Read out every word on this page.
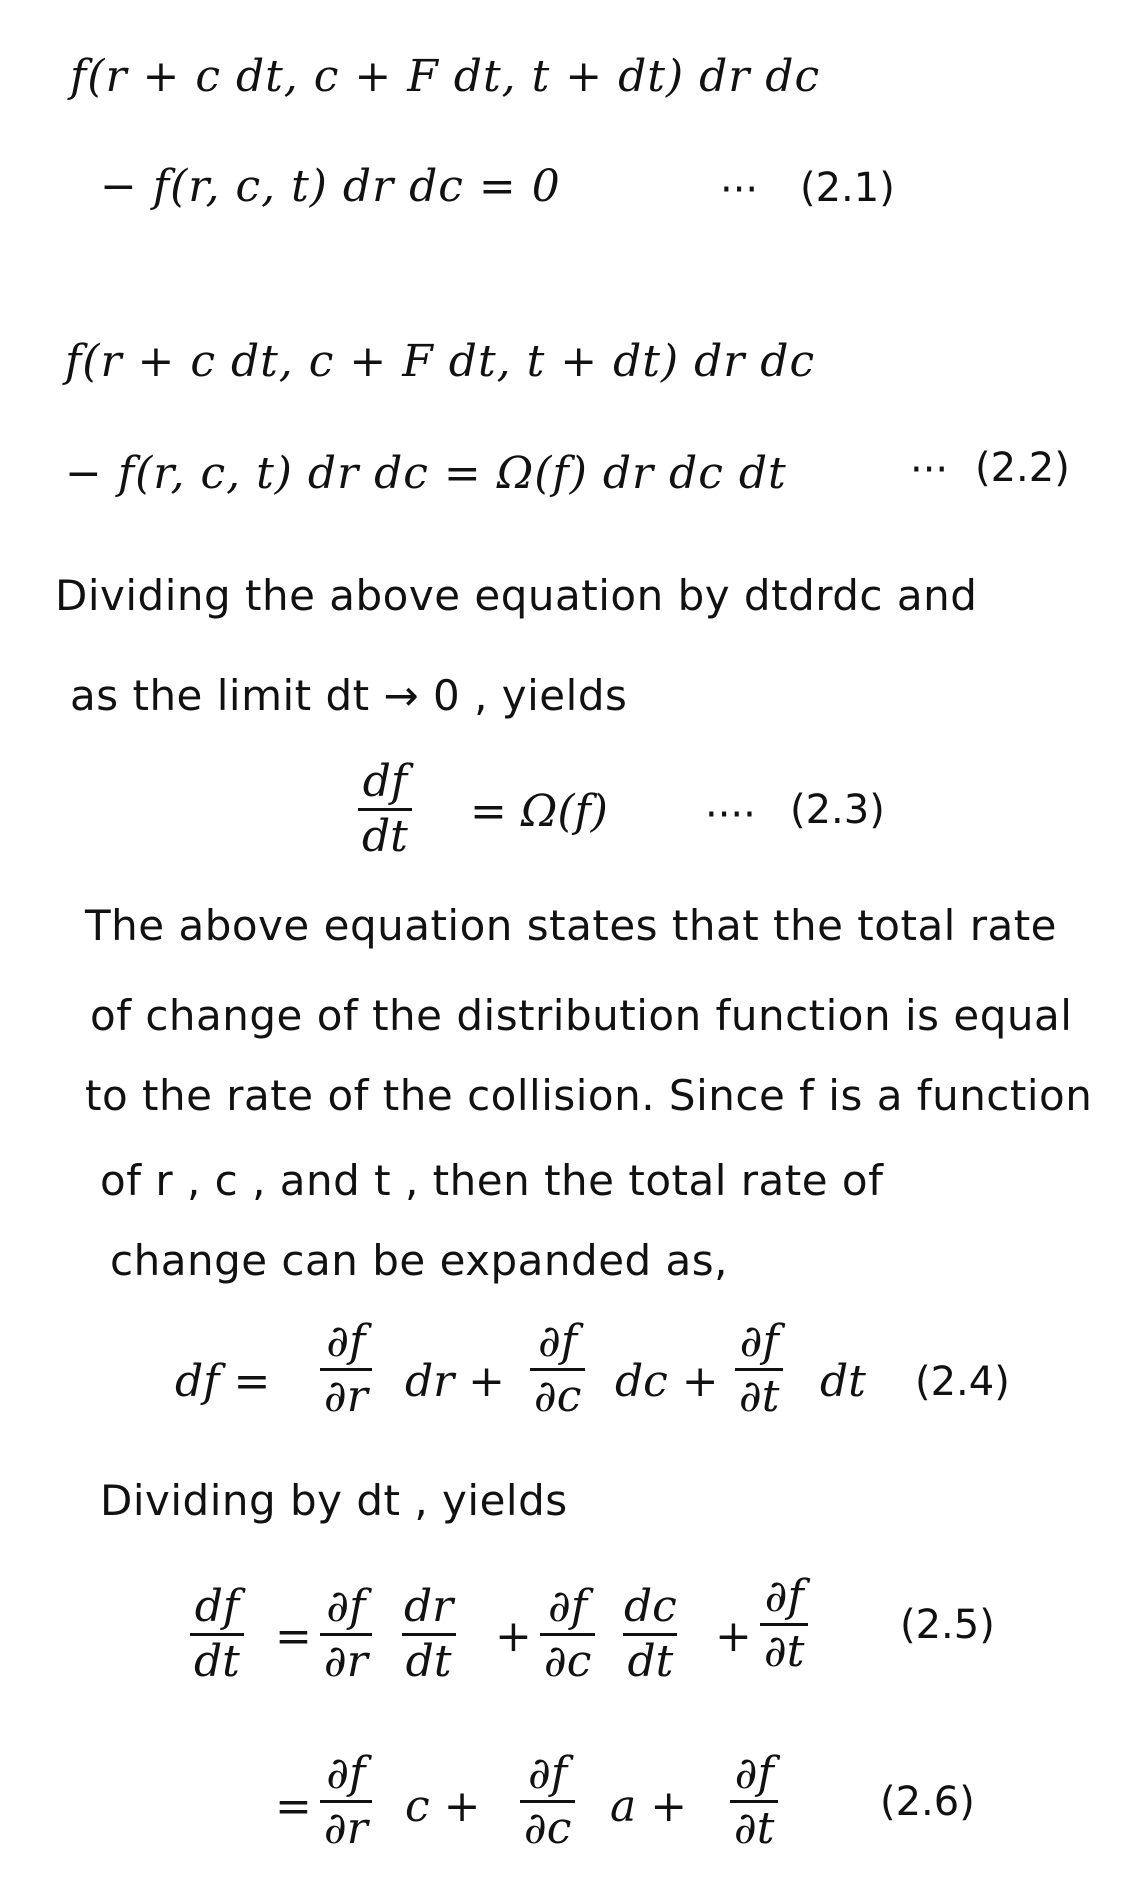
f(r + c dt, c + F dt, t + dt) dr dc
− f(r, c, t) dr dc = 0	··· (2.1)
f(r + c dt, c + F dt, t + dt) dr dc
− f(r, c, t) dr dc = Ω(f) dr dc dt	··· (2.2)
Dividing the above equation by dtdrdc and
as the limit dt → 0 , yields
$\frac{df}{dt} = \Omega(f)$ ···· (2.3)
The above equation states that the total rate
of change of the distribution function is equal
to the rate of the collision. Since f is a function
of r , c , and t , then the total rate of
change can be expanded as,
df = $\frac{\partial f}{\partial r}$ dr + $\frac{\partial f}{\partial c}$ dc + $\frac{\partial f}{\partial t}$ dt (2.4)
Dividing by dt , yields
$\frac{df}{dt} = \frac{\partial f}{\partial r} \frac{dr}{dt} + \frac{\partial f}{\partial c} \frac{dc}{dt} + \frac{\partial f}{\partial t} (2.5)$
= $\frac{\partial f}{\partial r}$ $c + \frac{\partial f}{\partial c}$ $a + \frac{\partial f}{\partial t}$	(2.6)
